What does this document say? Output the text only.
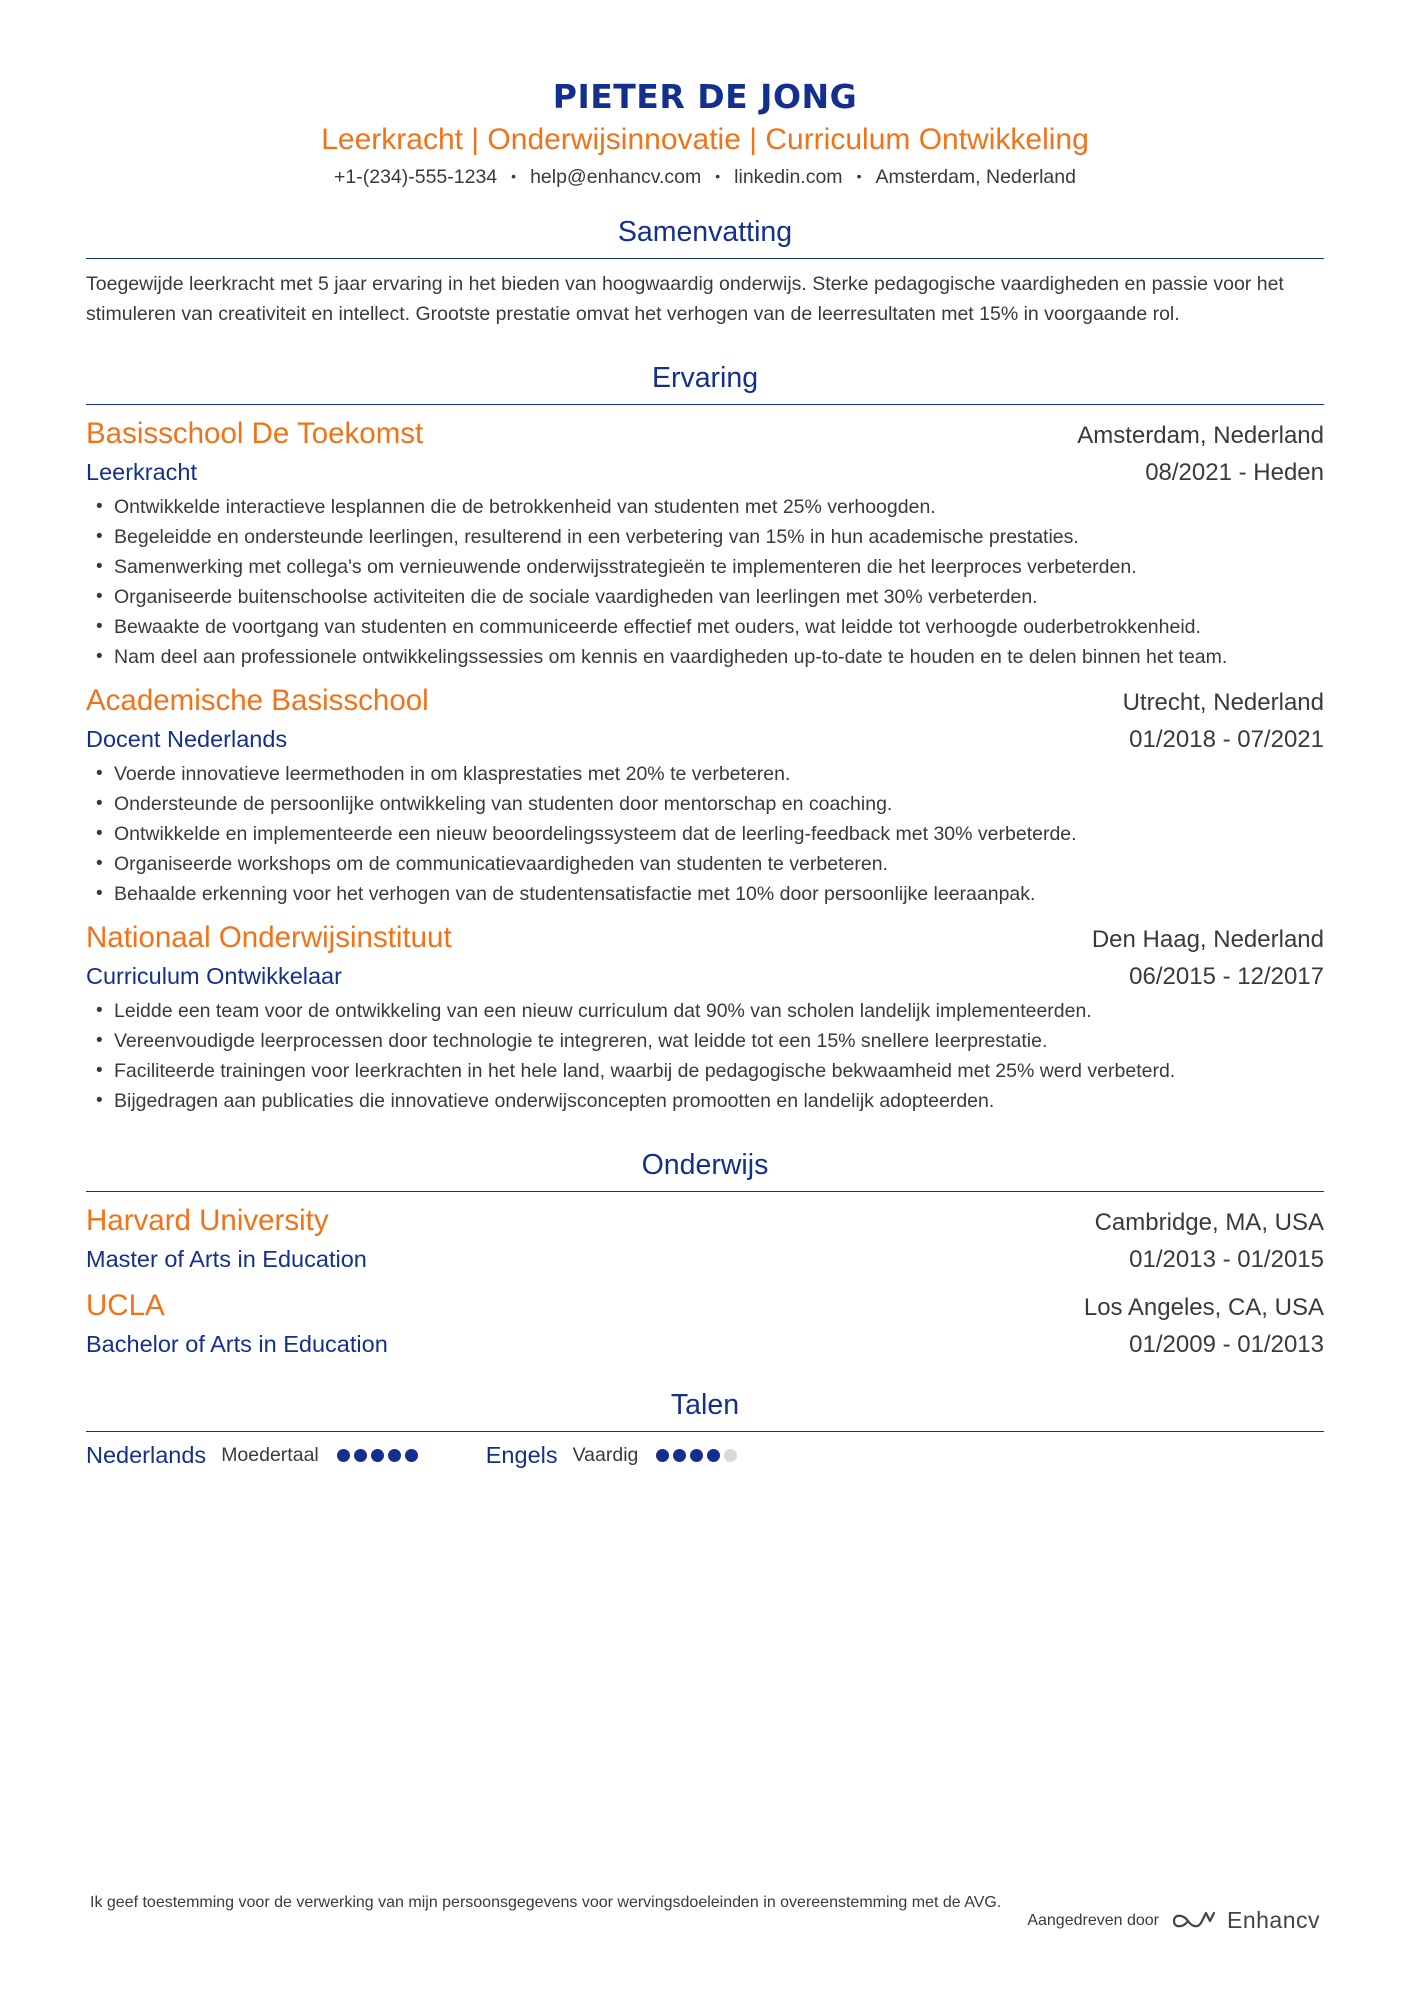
PIETER DE JONG
Leerkracht | Onderwijsinnovatie | Curriculum Ontwikkeling
+1-(234)-555-1234 • help@enhancv.com • linkedin.com • Amsterdam, Nederland
Samenvatting
Toegewijde leerkracht met 5 jaar ervaring in het bieden van hoogwaardig onderwijs. Sterke pedagogische vaardigheden en passie voor het stimuleren van creativiteit en intellect. Grootste prestatie omvat het verhogen van de leerresultaten met 15% in voorgaande rol.
Ervaring
Basisschool De Toekomst	Amsterdam, Nederland
Leerkracht	08/2021 - Heden
• Ontwikkelde interactieve lesplannen die de betrokkenheid van studenten met 25% verhoogden.
• Begeleidde en ondersteunde leerlingen, resulterend in een verbetering van 15% in hun academische prestaties.
• Samenwerking met collega's om vernieuwende onderwijsstrategieën te implementeren die het leerproces verbeterden.
• Organiseerde buitenschoolse activiteiten die de sociale vaardigheden van leerlingen met 30% verbeterden.
• Bewaakte de voortgang van studenten en communiceerde effectief met ouders, wat leidde tot verhoogde ouderbetrokkenheid.
• Nam deel aan professionele ontwikkelingssessies om kennis en vaardigheden up-to-date te houden en te delen binnen het team.
Academische Basisschool	Utrecht, Nederland
Docent Nederlands	01/2018 - 07/2021
• Voerde innovatieve leermethoden in om klasprestaties met 20% te verbeteren.
• Ondersteunde de persoonlijke ontwikkeling van studenten door mentorschap en coaching.
• Ontwikkelde en implementeerde een nieuw beoordelingssysteem dat de leerling-feedback met 30% verbeterde.
• Organiseerde workshops om de communicatievaardigheden van studenten te verbeteren.
• Behaalde erkenning voor het verhogen van de studentensatisfactie met 10% door persoonlijke leeraanpak.
Nationaal Onderwijsinstituut	Den Haag, Nederland
Curriculum Ontwikkelaar	06/2015 - 12/2017
• Leidde een team voor de ontwikkeling van een nieuw curriculum dat 90% van scholen landelijk implementeerden.
• Vereenvoudigde leerprocessen door technologie te integreren, wat leidde tot een 15% snellere leerprestatie.
• Faciliteerde trainingen voor leerkrachten in het hele land, waarbij de pedagogische bekwaamheid met 25% werd verbeterd.
• Bijgedragen aan publicaties die innovatieve onderwijsconcepten promootten en landelijk adopteerden.
Onderwijs
Harvard University	Cambridge, MA, USA
Master of Arts in Education	01/2013 - 01/2015
UCLA	Los Angeles, CA, USA
Bachelor of Arts in Education	01/2009 - 01/2013
Talen
Nederlands Moedertaal	Engels Vaardig
Ik geef toestemming voor de verwerking van mijn persoonsgegevens voor wervingsdoeleinden in overeenstemming met de AVG.
Aangedreven door	Enhancv
